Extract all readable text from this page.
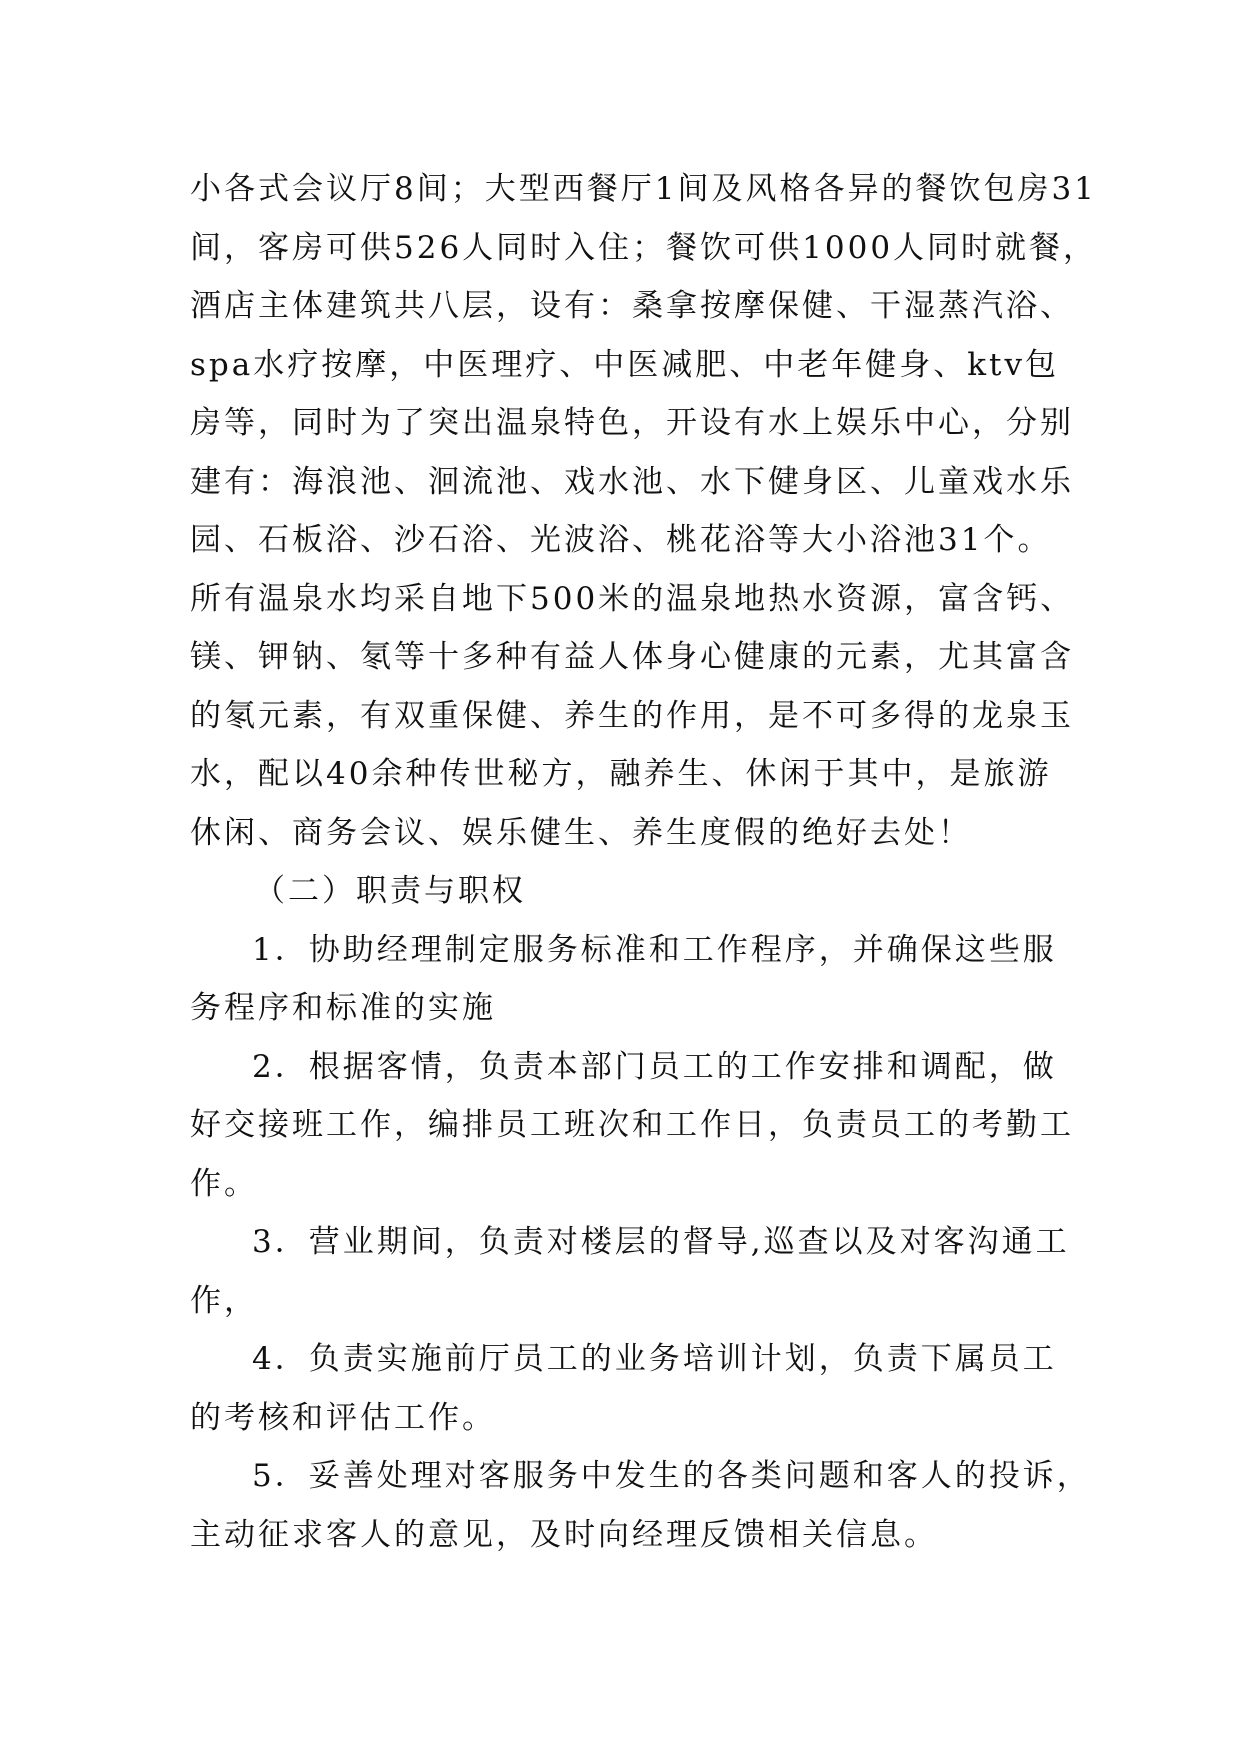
小各式会议厅8间；大型西餐厅1间及风格各异的餐饮包房31
间，客房可供526人同时入住；餐饮可供1000人同时就餐，
酒店主体建筑共八层，设有：桑拿按摩保健、干湿蒸汽浴、
spa水疗按摩，中医理疗、中医减肥、中老年健身、ktv包
房等，同时为了突出温泉特色，开设有水上娱乐中心，分别
建有：海浪池、洄流池、戏水池、水下健身区、儿童戏水乐
园、石板浴、沙石浴、光波浴、桃花浴等大小浴池31个。
所有温泉水均采自地下500米的温泉地热水资源，富含钙、
镁、钾钠、氡等十多种有益人体身心健康的元素，尤其富含
的氡元素，有双重保健、养生的作用，是不可多得的龙泉玉
水，配以40余种传世秘方，融养生、休闲于其中，是旅游
休闲、商务会议、娱乐健生、养生度假的绝好去处！
（二）职责与职权
1．协助经理制定服务标准和工作程序，并确保这些服
务程序和标准的实施
2．根据客情，负责本部门员工的工作安排和调配，做
好交接班工作，编排员工班次和工作日，负责员工的考勤工
作。
3．营业期间，负责对楼层的督导,巡查以及对客沟通工
作，
4．负责实施前厅员工的业务培训计划，负责下属员工
的考核和评估工作。
5．妥善处理对客服务中发生的各类问题和客人的投诉，
主动征求客人的意见，及时向经理反馈相关信息。
